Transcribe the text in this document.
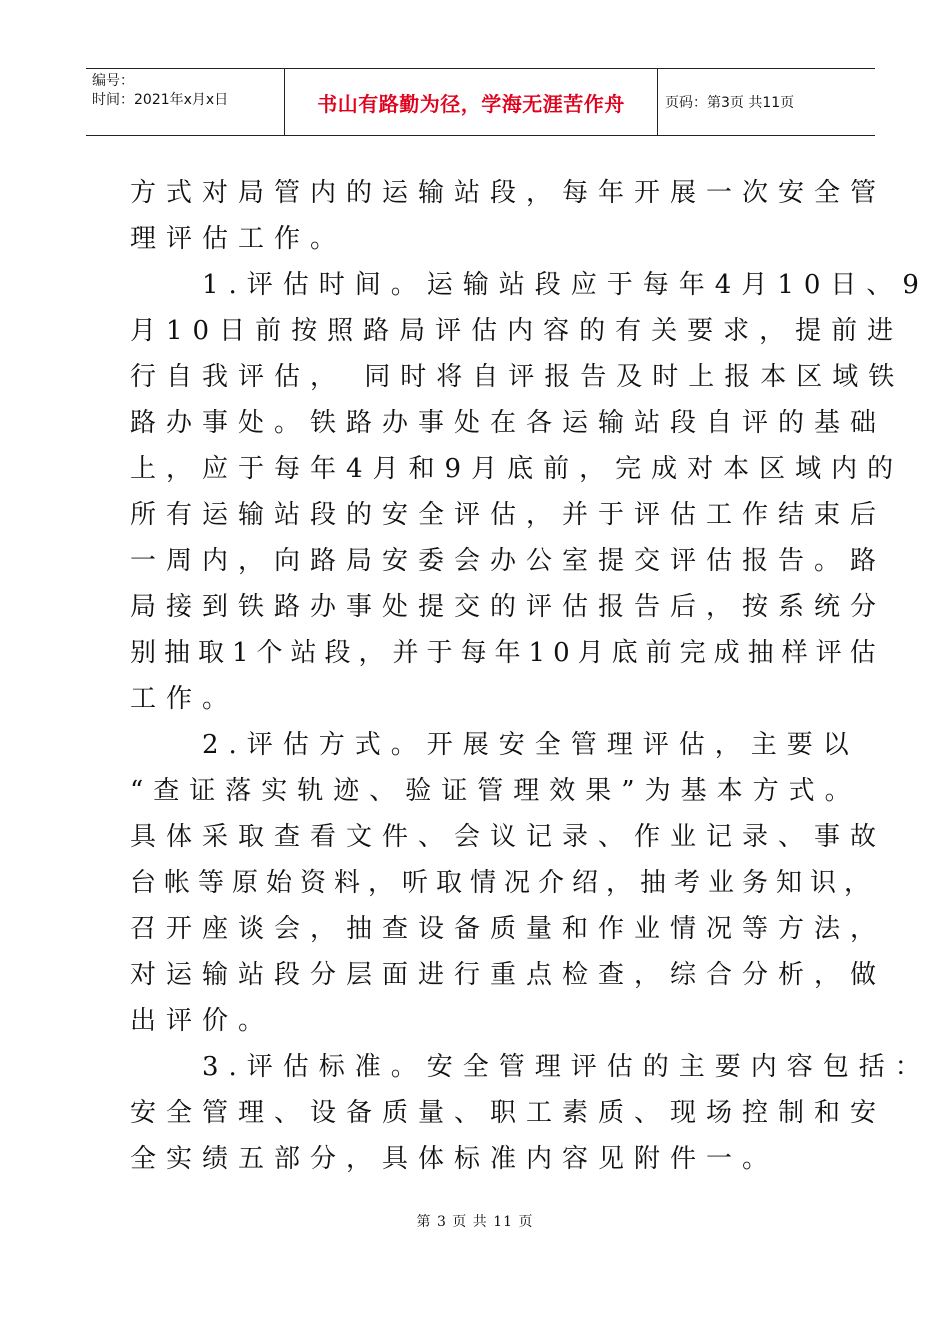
编号：
时间：2021年x月x日	书山有路勤为径，学海无涯苦作舟	页码：第3页 共11页
方式对局管内的运输站段，每年开展一次安全管
理评估工作。
　　1.评估时间。运输站段应于每年4月10日、9
月10日前按照路局评估内容的有关要求，提前进
行自我评估， 同时将自评报告及时上报本区域铁
路办事处。铁路办事处在各运输站段自评的基础
上，应于每年4月和9月底前，完成对本区域内的
所有运输站段的安全评估，并于评估工作结束后
一周内，向路局安委会办公室提交评估报告。路
局接到铁路办事处提交的评估报告后，按系统分
别抽取1个站段，并于每年10月底前完成抽样评估
工作。
　　2.评估方式。开展安全管理评估，主要以
“查证落实轨迹、验证管理效果”为基本方式。
具体采取查看文件、会议记录、作业记录、事故
台帐等原始资料，听取情况介绍，抽考业务知识，
召开座谈会，抽查设备质量和作业情况等方法，
对运输站段分层面进行重点检查，综合分析，做
出评价。
　　3.评估标准。安全管理评估的主要内容包括：
安全管理、设备质量、职工素质、现场控制和安
全实绩五部分，具体标准内容见附件一。
第 3 页 共 11 页
